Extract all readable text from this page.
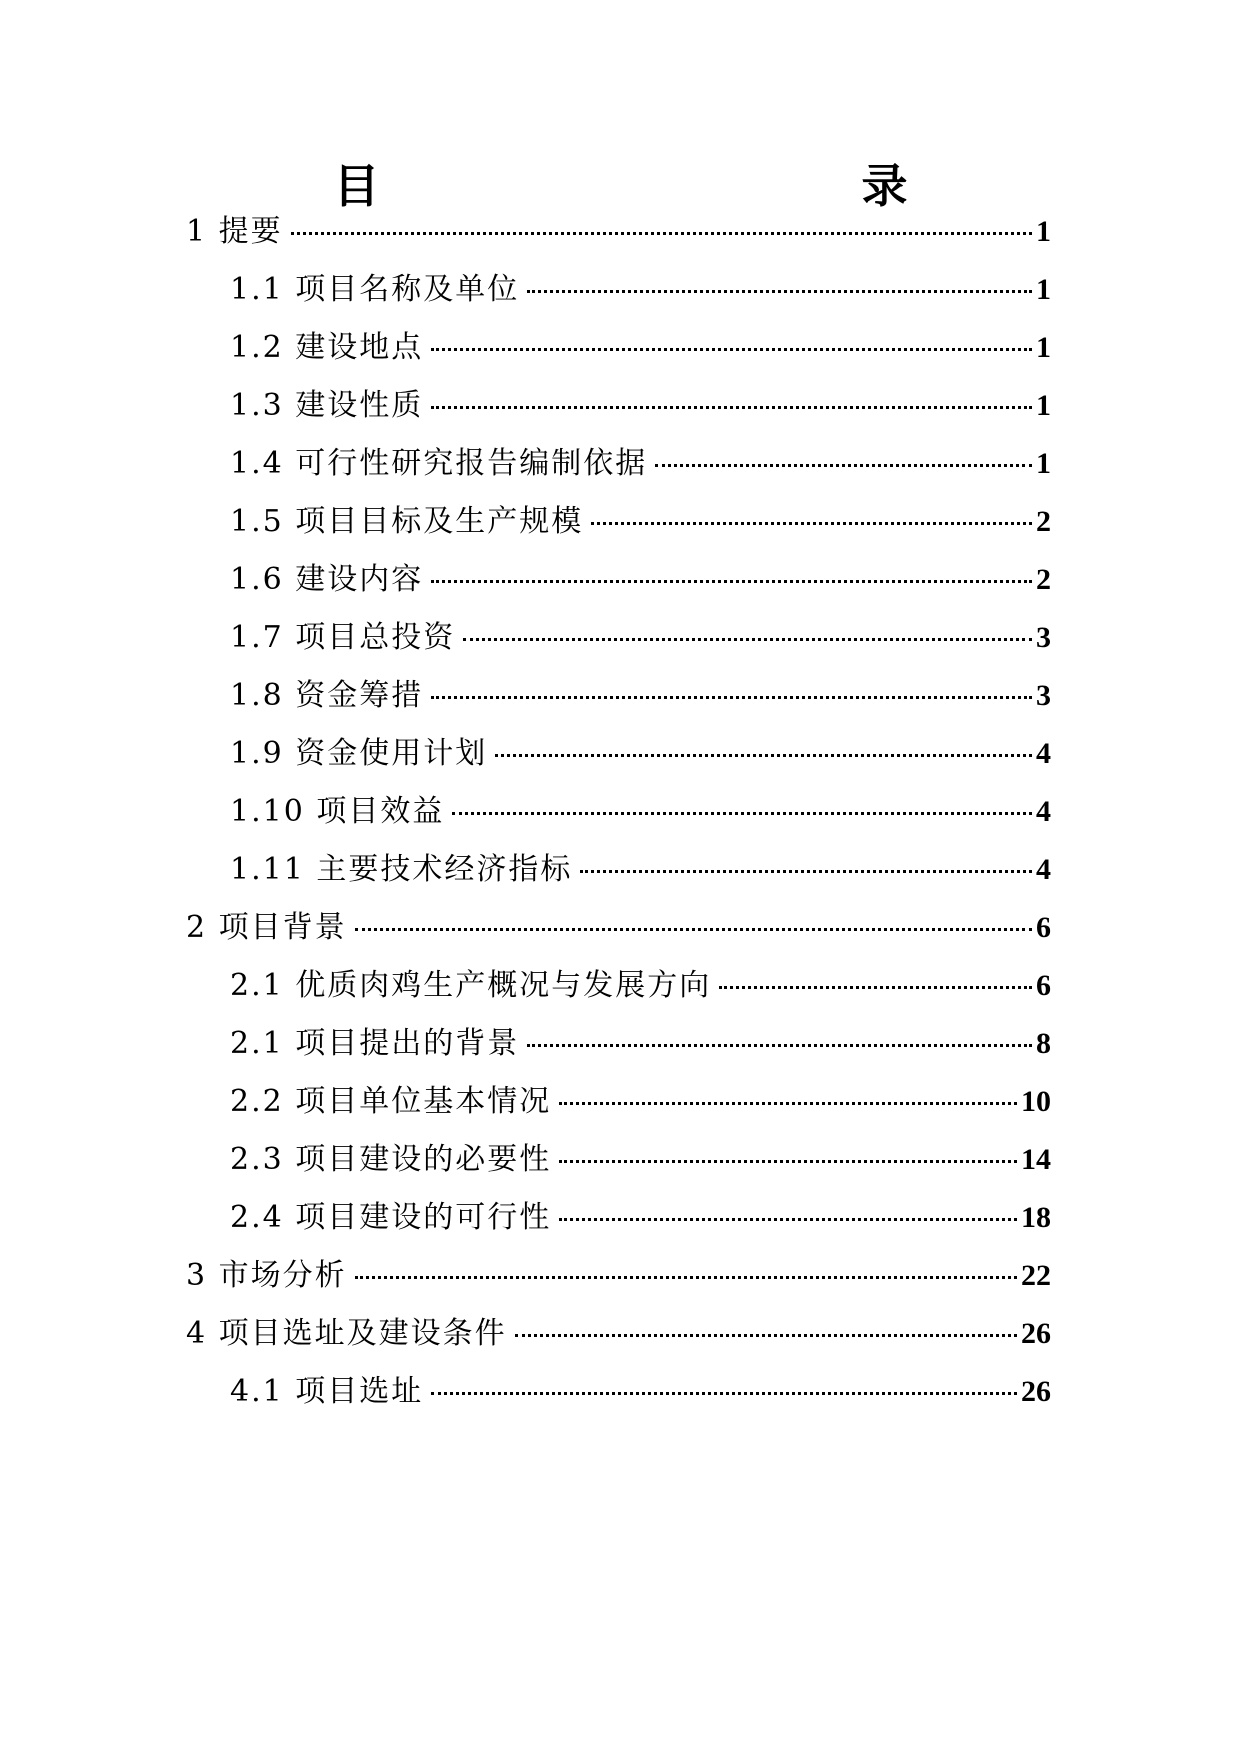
目　　录
1 提要	1
1.1 项目名称及单位	1
1.2 建设地点	1
1.3 建设性质	1
1.4 可行性研究报告编制依据	1
1.5 项目目标及生产规模	2
1.6 建设内容	2
1.7 项目总投资	3
1.8 资金筹措	3
1.9 资金使用计划	4
1.10 项目效益	4
1.11 主要技术经济指标	4
2 项目背景	6
2.1 优质肉鸡生产概况与发展方向	6
2.1 项目提出的背景	8
2.2 项目单位基本情况	10
2.3 项目建设的必要性	14
2.4 项目建设的可行性	18
3 市场分析	22
4 项目选址及建设条件	26
4.1 项目选址	26
